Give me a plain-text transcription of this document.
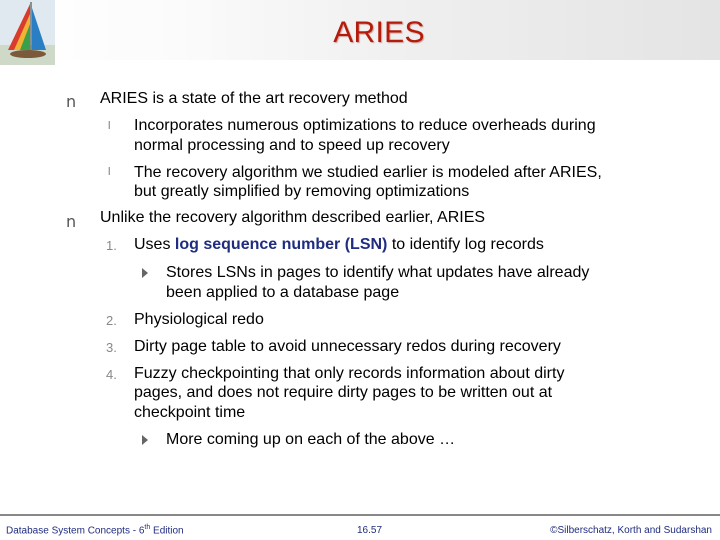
ARIES
n ARIES is a state of the art recovery method
l Incorporates numerous optimizations to reduce overheads during
normal processing and to speed up recovery
l The recovery algorithm we studied earlier is modeled after ARIES,
but greatly simplified by removing optimizations
n Unlike the recovery algorithm described earlier, ARIES
1. Uses log sequence number (LSN) to identify log records
Stores LSNs in pages to identify what updates have already
been applied to a database page
2. Physiological redo
3. Dirty page table to avoid unnecessary redos during recovery
4. Fuzzy checkpointing that only records information about dirty
pages, and does not require dirty pages to be written out at
checkpoint time
More coming up on each of the above …
Database System Concepts - 6th Edition	16.57	©Silberschatz, Korth and Sudarshan
